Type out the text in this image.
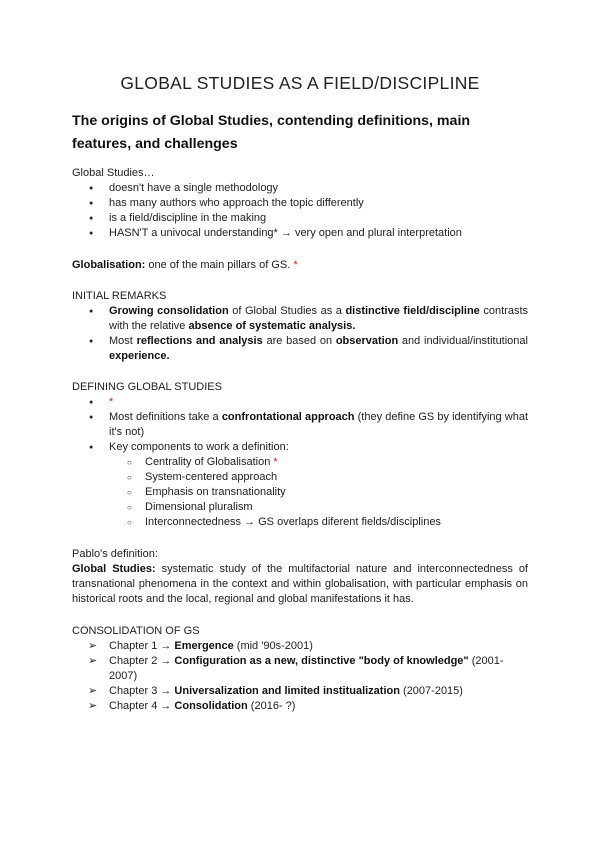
GLOBAL STUDIES AS A FIELD/DISCIPLINE
The origins of Global Studies, contending definitions, main features, and challenges

Global Studies…

● doesn't have a single methodology
● has many authors who approach the topic differently
● is a field/discipline in the making
● HASN'T a univocal understanding* → very open and plural interpretation

Globalisation: one of the main pillars of GS. *

INITIAL REMARKS

● Growing consolidation of Global Studies as a distinctive field/discipline contrasts with the relative absence of systematic analysis.
● Most reflections and analysis are based on observation and individual/institutional experience.

DEFINING GLOBAL STUDIES

● *
● Most definitions take a confrontational approach (they define GS by identifying what it's not)
● Key components to work a definition:
○ Centrality of Globalisation *
○ System-centered approach
○ Emphasis on transnationality
○ Dimensional pluralism
○ Interconnectedness → GS overlaps diferent fields/disciplines

Pablo's definition:

Global Studies: systematic study of the multifactorial nature and interconnectedness of transnational phenomena in the context and within globalisation, with particular emphasis on historical roots and the local, regional and global manifestations it has.

CONSOLIDATION OF GS

➢ Chapter 1 → Emergence (mid '90s-2001)
➢ Chapter 2 → Configuration as a new, distinctive "body of knowledge" (2001-2007)
➢ Chapter 3 → Universalization and limited institualization (2007-2015)
➢ Chapter 4 → Consolidation (2016- ?)
